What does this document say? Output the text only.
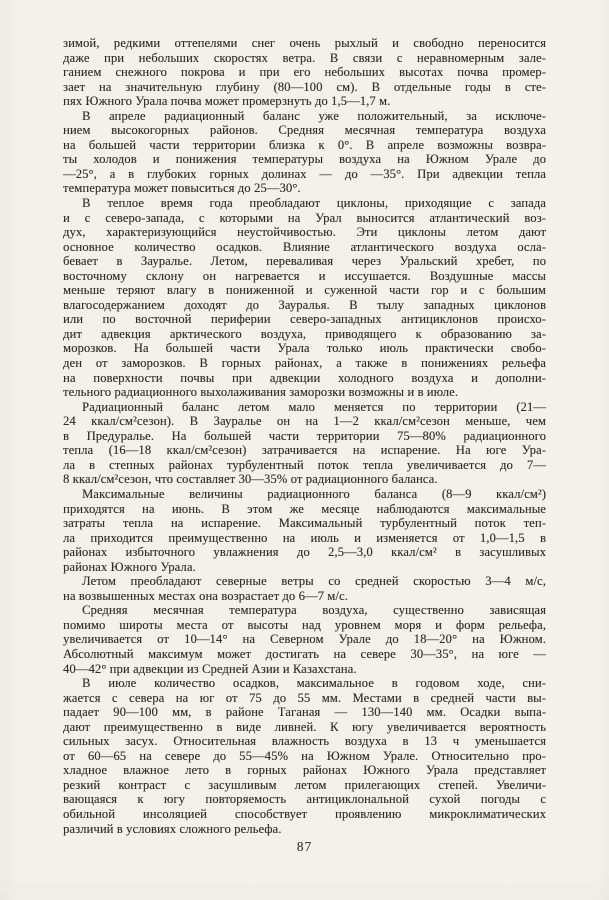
зимой, редкими оттепелями снег очень рыхлый и свободно переносится
даже при небольших скоростях ветра. В связи с неравномерным зале-
ганием снежного покрова и при его небольших высотах почва промер-
зает на значительную глубину (80—100 см). В отдельные годы в сте-
пях Южного Урала почва может промерзнуть до 1,5—1,7 м.

В апреле радиационный баланс уже положительный, за исключе-
нием высокогорных районов. Средняя месячная температура воздуха
на большей части территории близка к 0°. В апреле возможны возвра-
ты холодов и понижения температуры воздуха на Южном Урале до
—25°, а в глубоких горных долинах — до —35°. При адвекции тепла
температура может повыситься до 25—30°.

В теплое время года преобладают циклоны, приходящие с запада
и с северо-запада, с которыми на Урал выносится атлантический воз-
дух, характеризующийся неустойчивостью. Эти циклоны летом дают
основное количество осадков. Влияние атлантического воздуха осла-
бевает в Зауралье. Летом, переваливая через Уральский хребет, по
восточному склону он нагревается и иссушается. Воздушные массы
меньше теряют влагу в пониженной и суженной части гор и с большим
влагосодержанием доходят до Зауралья. В тылу западных циклонов
или по восточной периферии северо-западных антициклонов происхо-
дит адвекция арктического воздуха, приводящего к образованию за-
морозков. На большей части Урала только июль практически свобо-
ден от заморозков. В горных районах, а также в понижениях рельефа
на поверхности почвы при адвекции холодного воздуха и дополни-
тельного радиационного выхолаживания заморозки возможны и в июле.

Радиационный баланс летом мало меняется по территории (21—
24 ккал/см²сезон). В Зауралье он на 1—2 ккал/см²сезон меньше, чем
в Предуралье. На большей части территории 75—80% радиационного
тепла (16—18 ккал/см²сезон) затрачивается на испарение. На юге Ура-
ла в степных районах турбулентный поток тепла увеличивается до 7—
8 ккал/см²сезон, что составляет 30—35% от радиационного баланса.

Максимальные величины радиационного баланса (8—9 ккал/см²)
приходятся на июнь. В этом же месяце наблюдаются максимальные
затраты тепла на испарение. Максимальный турбулентный поток теп-
ла приходится преимущественно на июль и изменяется от 1,0—1,5 в
районах избыточного увлажнения до 2,5—3,0 ккал/см² в засушливых
районах Южного Урала.

Летом преобладают северные ветры со средней скоростью 3—4 м/с,
на возвышенных местах она возрастает до 6—7 м/с.

Средняя месячная температура воздуха, существенно зависящая
помимо широты места от высоты над уровнем моря и форм рельефа,
увеличивается от 10—14° на Северном Урале до 18—20° на Южном.
Абсолютный максимум может достигать на севере 30—35°, на юге —
40—42° при адвекции из Средней Азии и Казахстана.

В июле количество осадков, максимальное в годовом ходе, сни-
жается с севера на юг от 75 до 55 мм. Местами в средней части вы-
падает 90—100 мм, в районе Таганая — 130—140 мм. Осадки выпа-
дают преимущественно в виде ливней. К югу увеличивается вероятность
сильных засух. Относительная влажность воздуха в 13 ч уменьшается
от 60—65 на севере до 55—45% на Южном Урале. Относительно про-
хладное влажное лето в горных районах Южного Урала представляет
резкий контраст с засушливым летом прилегающих степей. Увеличи-
вающаяся к югу повторяемость антициклональной сухой погоды с
обильной инсоляцией способствует проявлению микроклиматических
различий в условиях сложного рельефа.

87
